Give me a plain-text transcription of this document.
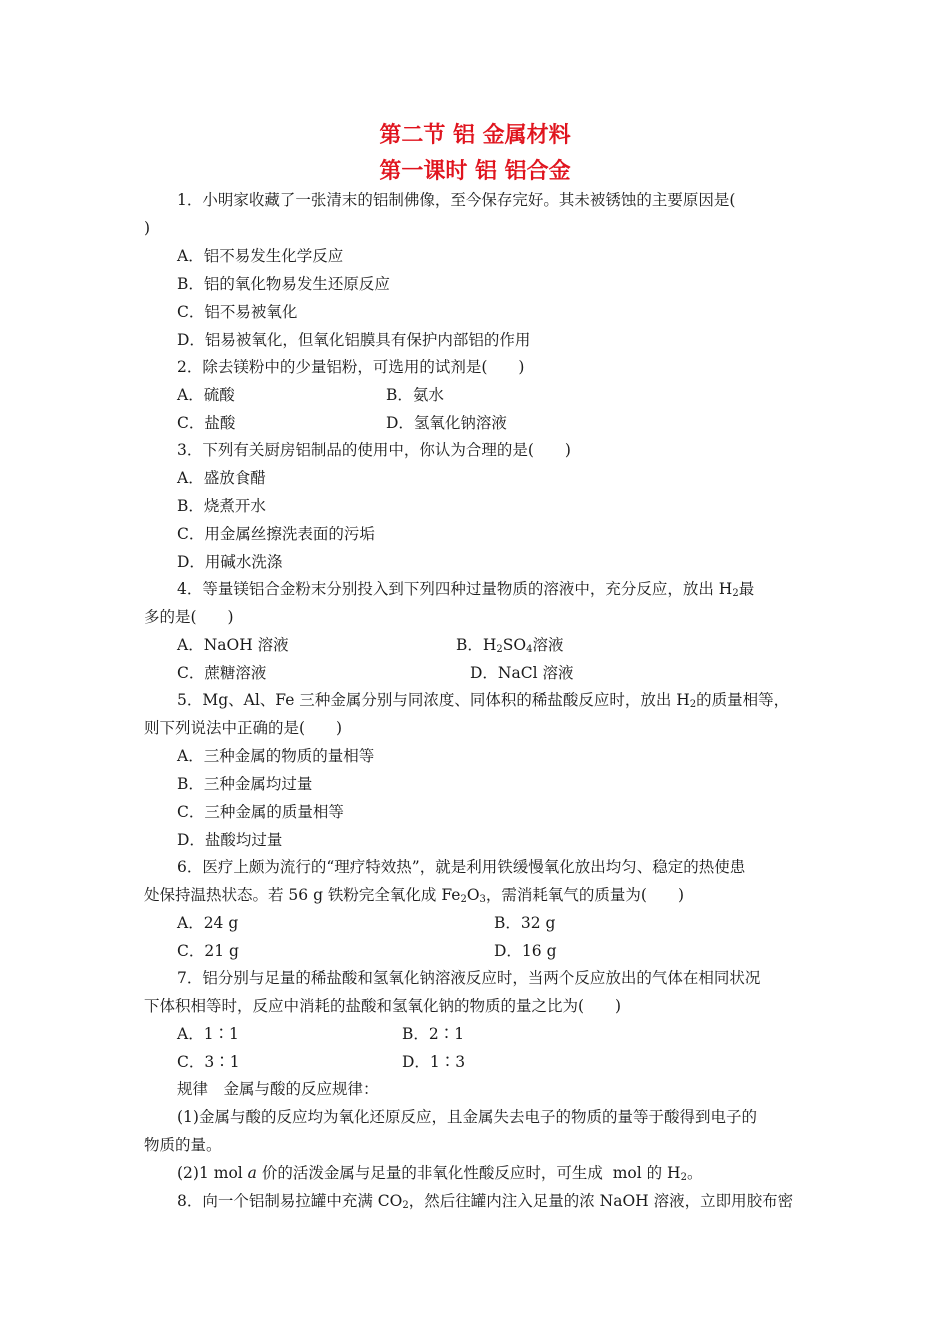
第二节 铝 金属材料
第一课时 铝 铝合金
1．小明家收藏了一张清末的铝制佛像，至今保存完好。其未被锈蚀的主要原因是(
)
A．铝不易发生化学反应
B．铝的氧化物易发生还原反应
C．铝不易被氧化
D．铝易被氧化，但氧化铝膜具有保护内部铝的作用
2．除去镁粉中的少量铝粉，可选用的试剂是(　　)
A．硫酸	B．氨水
C．盐酸	D．氢氧化钠溶液
3．下列有关厨房铝制品的使用中，你认为合理的是(　　)
A．盛放食醋
B．烧煮开水
C．用金属丝擦洗表面的污垢
D．用碱水洗涤
4．等量镁铝合金粉末分别投入到下列四种过量物质的溶液中，充分反应，放出 $H_2$最
多的是(　　)
A．NaOH 溶液	B．$H_2SO_4$溶液
C．蔗糖溶液	D．NaCl 溶液
5．Mg、Al、Fe 三种金属分别与同浓度、同体积的稀盐酸反应时，放出 $H_2$的质量相等，
则下列说法中正确的是(　　)
A．三种金属的物质的量相等
B．三种金属均过量
C．三种金属的质量相等
D．盐酸均过量
6．医疗上颇为流行的“理疗特效热”，就是利用铁缓慢氧化放出均匀、稳定的热使患
处保持温热状态。若 56 g 铁粉完全氧化成 $Fe_2O_3$，需消耗氧气的质量为(　　)
A．24 g	B．32 g
C．21 g	D．16 g
7．铝分别与足量的稀盐酸和氢氧化钠溶液反应时，当两个反应放出的气体在相同状况
下体积相等时，反应中消耗的盐酸和氢氧化钠的物质的量之比为(　　)
A．1∶1	B．2∶1
C．3∶1	D．1∶3
规律　金属与酸的反应规律：
(1)金属与酸的反应均为氧化还原反应，且金属失去电子的物质的量等于酸得到电子的
物质的量。
(2)1 mol a 价的活泼金属与足量的非氧化性酸反应时，可生成  mol 的 $H_2$。
8．向一个铝制易拉罐中充满 $CO_2$，然后往罐内注入足量的浓 NaOH 溶液，立即用胶布密
